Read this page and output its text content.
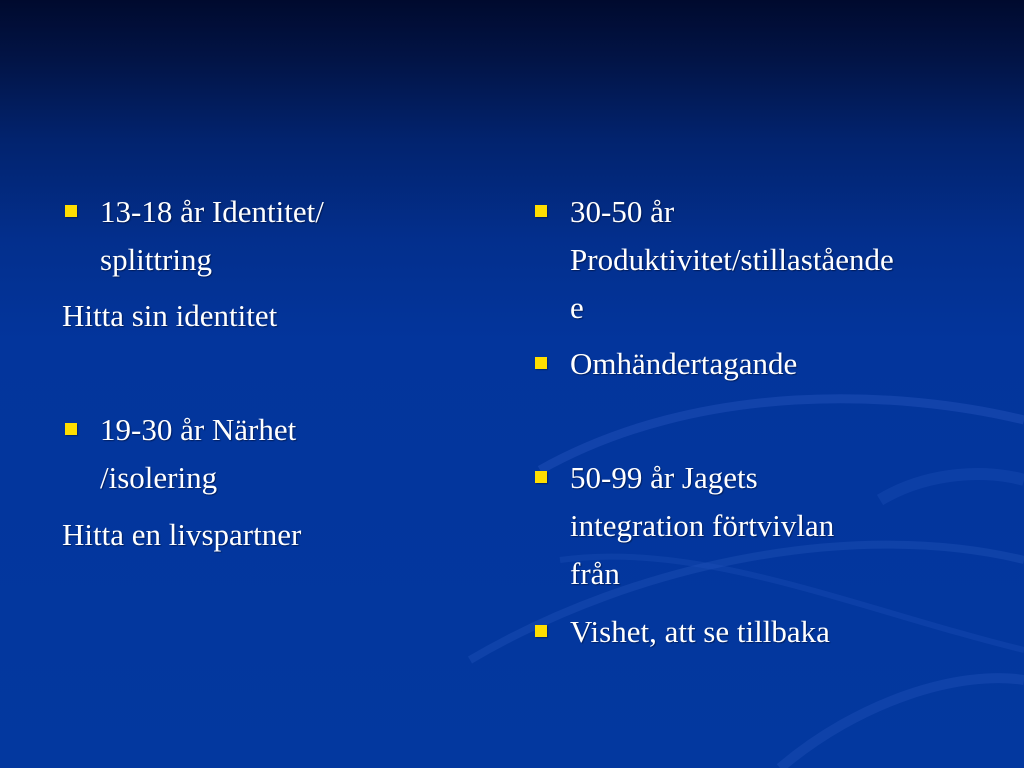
13-18 år Identitet/
splittring
Hitta sin identitet
19-30 år Närhet
/isolering
Hitta en livspartner
30-50 år
Produktivitet/stillastående
e
Omhändertagande
50-99 år Jagets
integration förtvivlan
från
Vishet, att se tillbaka
